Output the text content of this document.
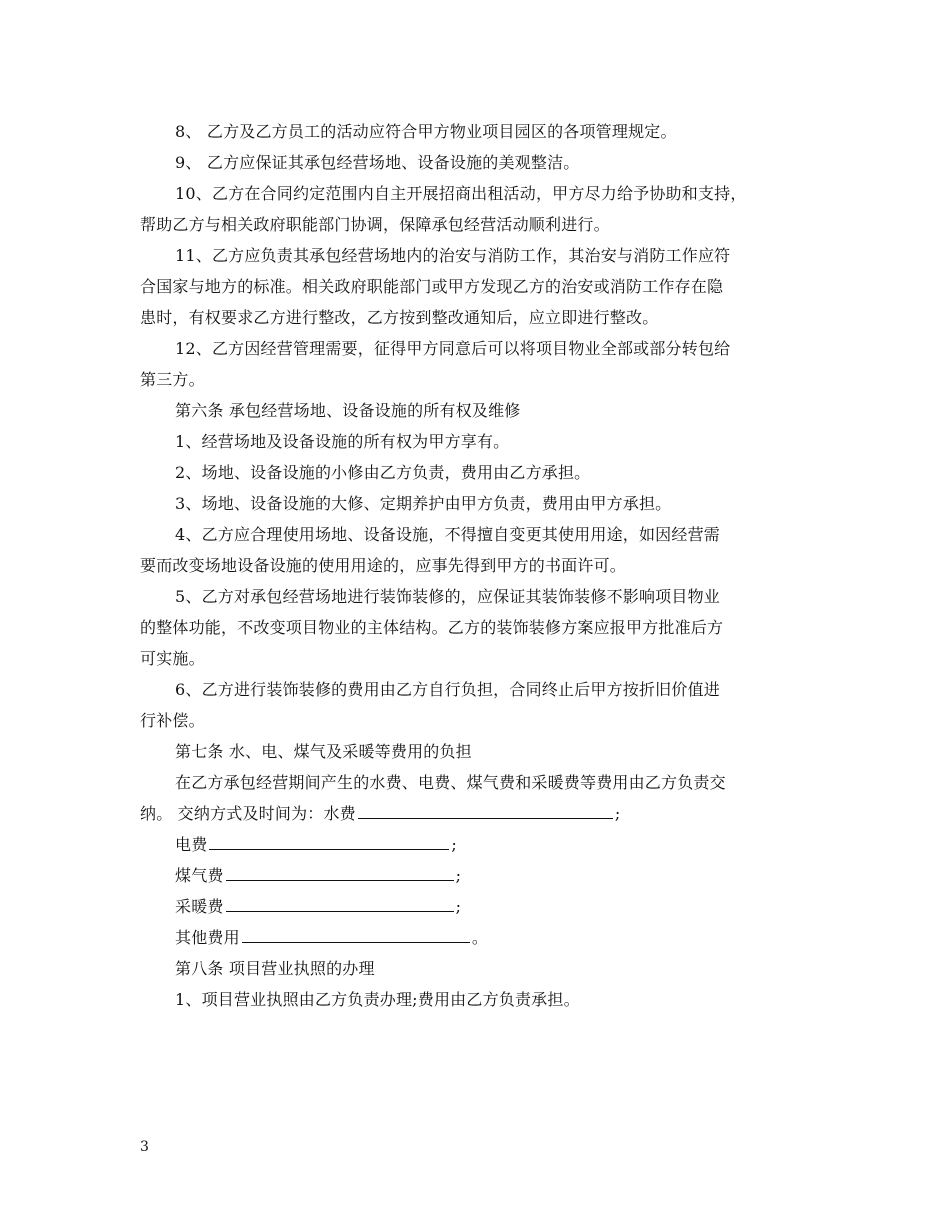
8、 乙方及乙方员工的活动应符合甲方物业项目园区的各项管理规定。
9、 乙方应保证其承包经营场地、设备设施的美观整洁。
10、乙方在合同约定范围内自主开展招商出租活动，甲方尽力给予协助和支持，
帮助乙方与相关政府职能部门协调，保障承包经营活动顺利进行。
11、乙方应负责其承包经营场地内的治安与消防工作，其治安与消防工作应符
合国家与地方的标准。相关政府职能部门或甲方发现乙方的治安或消防工作存在隐
患时，有权要求乙方进行整改，乙方按到整改通知后，应立即进行整改。
12、乙方因经营管理需要，征得甲方同意后可以将项目物业全部或部分转包给
第三方。
第六条 承包经营场地、设备设施的所有权及维修
1、经营场地及设备设施的所有权为甲方享有。
2、场地、设备设施的小修由乙方负责，费用由乙方承担。
3、场地、设备设施的大修、定期养护由甲方负责，费用由甲方承担。
4、乙方应合理使用场地、设备设施，不得擅自变更其使用用途，如因经营需
要而改变场地设备设施的使用用途的，应事先得到甲方的书面许可。
5、乙方对承包经营场地进行装饰装修的，应保证其装饰装修不影响项目物业
的整体功能，不改变项目物业的主体结构。乙方的装饰装修方案应报甲方批准后方
可实施。
6、乙方进行装饰装修的费用由乙方自行负担，合同终止后甲方按折旧价值进
行补偿。
第七条 水、电、煤气及采暖等费用的负担
在乙方承包经营期间产生的水费、电费、煤气费和采暖费等费用由乙方负责交
纳。 交纳方式及时间为：水费	;
电费	;
煤气费	;
采暖费	;
其他费用	。
第八条 项目营业执照的办理
1、项目营业执照由乙方负责办理;费用由乙方负责承担。
3
